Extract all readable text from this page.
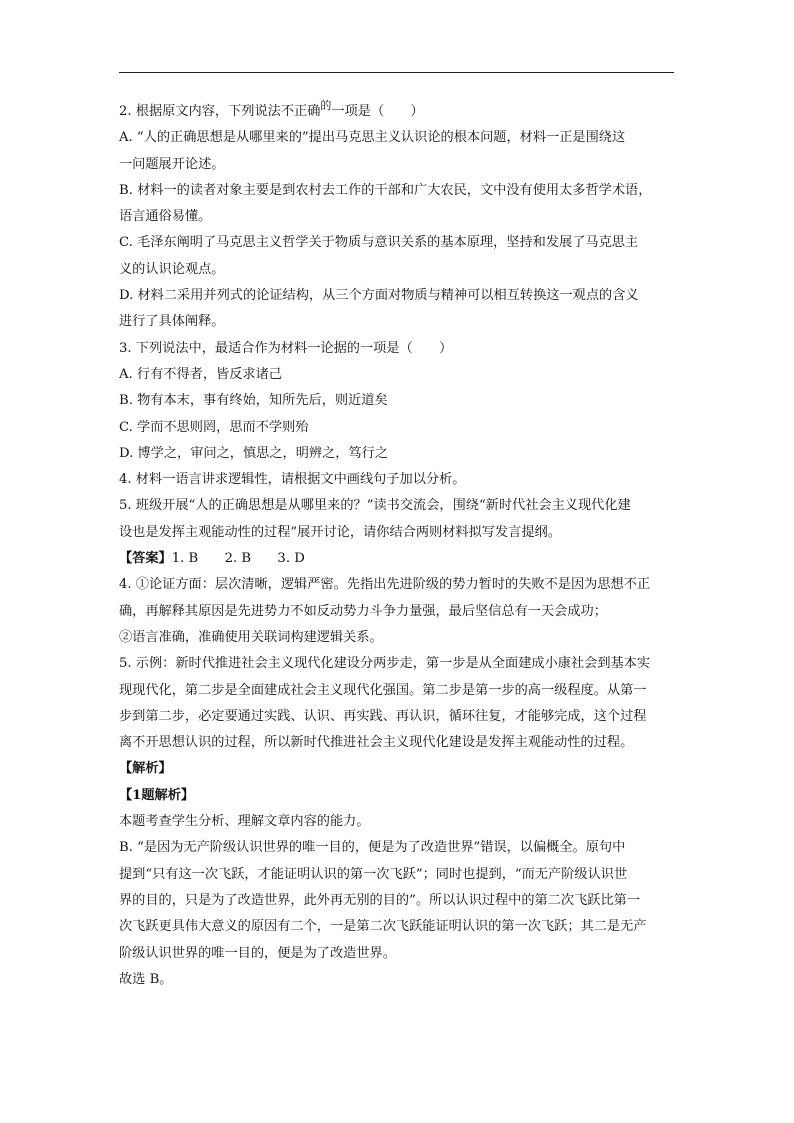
2. 根据原文内容，下列说法不正确$^的$一项是（　　）
A. “人的正确思想是从哪里来的”提出马克思主义认识论的根本问题，材料一正是围绕这
一问题展开论述。
B. 材料一的读者对象主要是到农村去工作的干部和广大农民，文中没有使用太多哲学术语，
语言通俗易懂。
C. 毛泽东阐明了马克思主义哲学关于物质与意识关系的基本原理，坚持和发展了马克思主
义的认识论观点。
D. 材料二采用并列式的论证结构，从三个方面对物质与精神可以相互转换这一观点的含义
进行了具体阐释。
3. 下列说法中，最适合作为材料一论据的一项是（　　）
A. 行有不得者，皆反求诸己
B. 物有本末，事有终始，知所先后，则近道矣
C. 学而不思则罔，思而不学则殆
D. 博学之，审问之，慎思之，明辨之，笃行之
4. 材料一语言讲求逻辑性，请根据文中画线句子加以分析。
5. 班级开展“人的正确思想是从哪里来的？”读书交流会，围绕“新时代社会主义现代化建
设也是发挥主观能动性的过程”展开讨论，请你结合两则材料拟写发言提纲。
【答案】1. B　　2. B　　3. D
4. ①论证方面：层次清晰，逻辑严密。先指出先进阶级的势力暂时的失败不是因为思想不正
确，再解释其原因是先进势力不如反动势力斗争力量强，最后坚信总有一天会成功；
②语言准确，准确使用关联词构建逻辑关系。
5. 示例：新时代推进社会主义现代化建设分两步走，第一步是从全面建成小康社会到基本实
现现代化，第二步是全面建成社会主义现代化强国。第二步是第一步的高一级程度。从第一
步到第二步，必定要通过实践、认识、再实践、再认识，循环往复，才能够完成，这个过程
离不开思想认识的过程，所以新时代推进社会主义现代化建设是发挥主观能动性的过程。
【解析】
【1题解析】
本题考查学生分析、理解文章内容的能力。
B. “是因为无产阶级认识世界的唯一目的，便是为了改造世界”错误，以偏概全。原句中
提到“只有这一次飞跃，才能证明认识的第一次飞跃”；同时也提到，“而无产阶级认识世
界的目的，只是为了改造世界，此外再无别的目的”。所以认识过程中的第二次飞跃比第一
次飞跃更具伟大意义的原因有二个，一是第二次飞跃能证明认识的第一次飞跃；其二是无产
阶级认识世界的唯一目的，便是为了改造世界。
故选 B。
